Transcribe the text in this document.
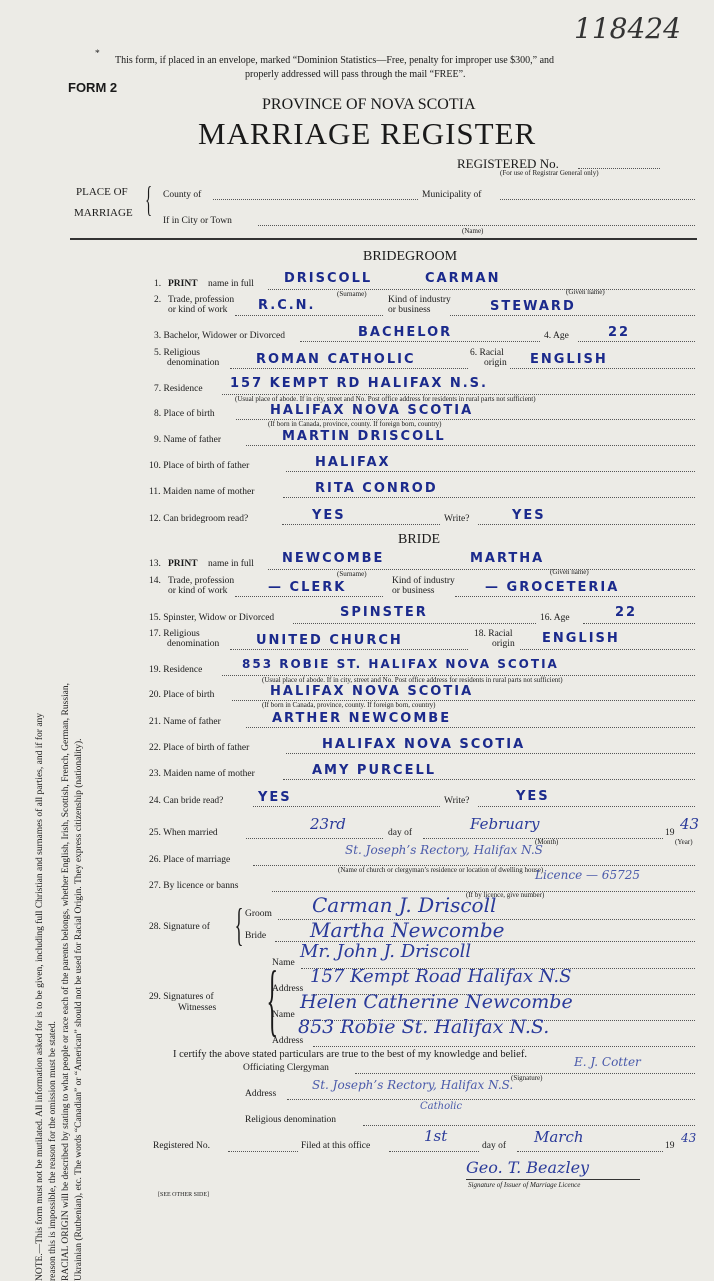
118424
*
This form, if placed in an envelope, marked “Dominion Statistics—Free, penalty for improper use $300,” and
properly addressed will pass through the mail “FREE”.
FORM 2
PROVINCE OF NOVA SCOTIA
MARRIAGE REGISTER
REGISTERED No.
(For use of Registrar General only)
PLACE OF
MARRIAGE { County of	Municipality of
If in City or Town
(Name)
NOTE.—This form must not be mutilated. All information asked for is to be given, including full Christian and surnames of all parties, and if for any reason this is impossible, the reason for the omission must be stated. RACIAL ORIGIN will be described by stating to what people or race each of the parents belongs, whether English, Irish, Scottish, French, German, Russian, Ukrainian (Ruthenian), etc. The words “Canadian” or “American” should not be used for Racial Origin. They express citizenship (nationality).
BRIDEGROOM
1. PRINT name in full DRISCOLL	CARMAN
(Surname)	(Given name)
2. Trade, profession
or kind of work R.C.N.	Kind of industry
or business	STEWARD
3. Bachelor, Widower or Divorced	BACHELOR	4. Age	22
5. Religious
denomination	ROMAN CATHOLIC	6. Racial
origin ENGLISH
7. Residence 157 KEMPT RD HALIFAX N.S.
(Usual place of abode. If in city, street and No. Post office address for residents in rural parts not sufficient)
8. Place of birth	HALIFAX NOVA SCOTIA
(If born in Canada, province, county. If foreign born, country)
9. Name of father	MARTIN DRISCOLL
10. Place of birth of father	HALIFAX
11. Maiden name of mother	RITA CONROD
12. Can bridegroom read?	YES	Write?	YES
BRIDE
13. PRINT name in full NEWCOMBE	MARTHA
(Surname)	(Given name)
14. Trade, profession
or kind of work	— CLERK	Kind of industry
or business	— GROCETERIA
15. Spinster, Widow or Divorced	SPINSTER	16. Age	22
17. Religious
denomination	UNITED CHURCH	18. Racial
origin ENGLISH
19. Residence	853 ROBIE ST. HALIFAX NOVA SCOTIA
(Usual place of abode. If in city, street and No. Post office address for residents in rural parts not sufficient)
20. Place of birth	HALIFAX NOVA SCOTIA
(If born in Canada, province, county. If foreign born, country)
21. Name of father	ARTHER NEWCOMBE
22. Place of birth of father	HALIFAX NOVA SCOTIA
23. Maiden name of mother	AMY PURCELL
24. Can bride read?	YES	Write?	YES
25. When married	23rd	day of	February
(Month)
19 43
(Year)
26. Place of marriage
St. Joseph’s Rectory, Halifax N.S
(Name of church or clergyman’s residence or location of dwelling house)
27. By licence or banns
Licence — 65725
(If by licence, give number)
28. Signature of { Groom Carman J. Driscoll
Bride Martha Newcombe
29. Signatures of
Witnesses {
Name
Mr. John J. Driscoll
Address
157 Kempt Road Halifax N.S
Name
Helen Catherine Newcombe
Address
853 Robie St. Halifax N.S.
I certify the above stated particulars are true to the best of my knowledge and belief.
Officiating Clergyman	E. J. Cotter
(Signature)
Address
St. Joseph’s Rectory, Halifax N.S.
Religious denomination
Catholic
Registered No.	Filed at this office
1st
day of March	19
43
Geo. T. Beazley
Signature of Issuer of Marriage Licence
[SEE OTHER SIDE]
